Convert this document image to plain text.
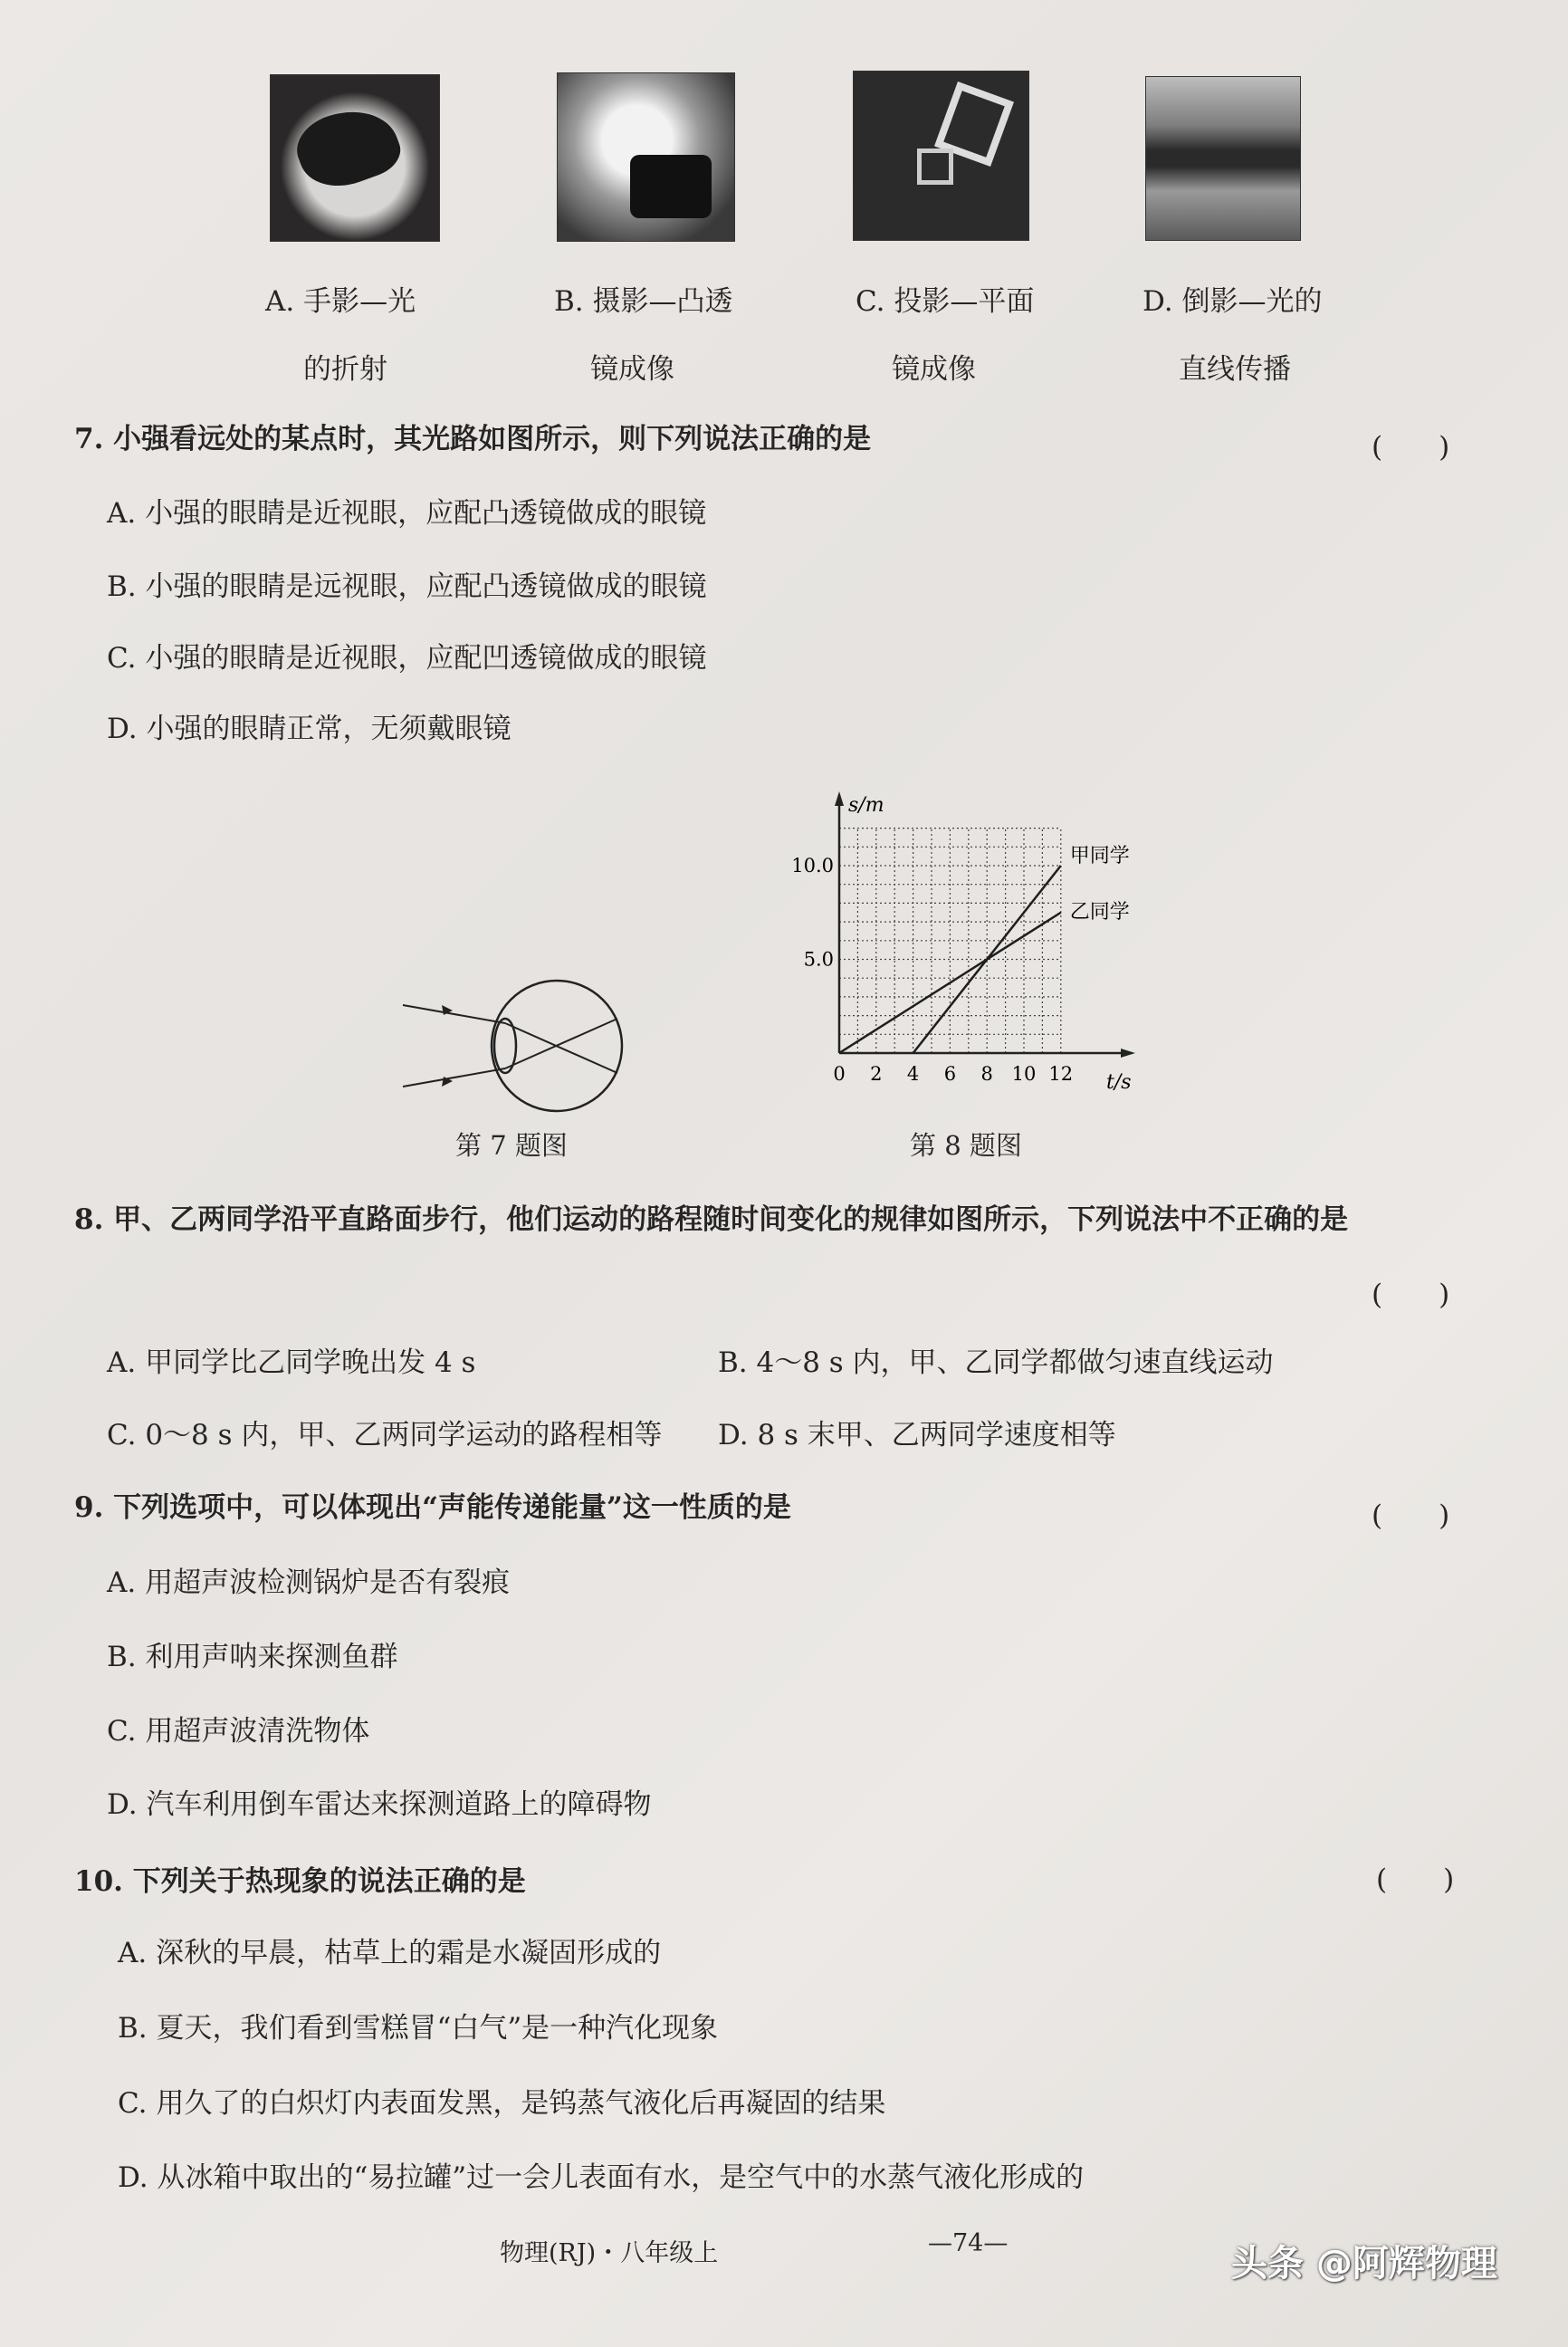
A. 手影—光
的折射
B. 摄影—凸透
镜成像
C. 投影—平面
镜成像
D. 倒影—光的
直线传播
7. 小强看远处的某点时，其光路如图所示，则下列说法正确的是	(　　)
A. 小强的眼睛是近视眼，应配凸透镜做成的眼镜
B. 小强的眼睛是远视眼，应配凸透镜做成的眼镜
C. 小强的眼睛是近视眼，应配凹透镜做成的眼镜
D. 小强的眼睛正常，无须戴眼镜
第 7 题图
s/m
t/s
0 2 4 6 8 10 12
5.0
10.0	甲同学
乙同学
第 8 题图
8. 甲、乙两同学沿平直路面步行，他们运动的路程随时间变化的规律如图所示，下列说法中不正确的是
(　　)
A. 甲同学比乙同学晚出发 4 s	B. 4～8 s 内，甲、乙同学都做匀速直线运动
C. 0～8 s 内，甲、乙两同学运动的路程相等 D. 8 s 末甲、乙两同学速度相等
9. 下列选项中，可以体现出“声能传递能量”这一性质的是	(　　)
A. 用超声波检测锅炉是否有裂痕
B. 利用声呐来探测鱼群
C. 用超声波清洗物体
D. 汽车利用倒车雷达来探测道路上的障碍物
10. 下列关于热现象的说法正确的是	(　　)
A. 深秋的早晨，枯草上的霜是水凝固形成的
B. 夏天，我们看到雪糕冒“白气”是一种汽化现象
C. 用久了的白炽灯内表面发黑，是钨蒸气液化后再凝固的结果
D. 从冰箱中取出的“易拉罐”过一会儿表面有水，是空气中的水蒸气液化形成的
物理(RJ)・八年级上	—74—	头条 @阿辉物理
